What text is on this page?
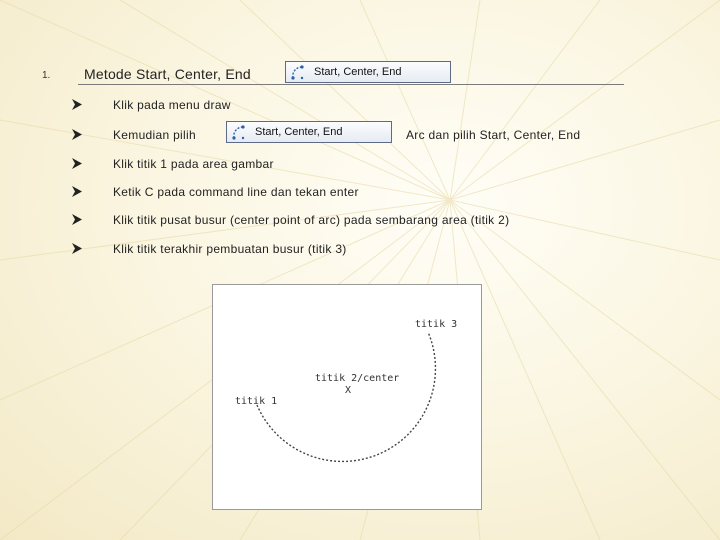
1. Metode Start, Center, End	Start, Center, End
Klik pada menu draw
Kemudian pilih	Start, Center, End	Arc dan pilih Start, Center, End
Klik titik 1 pada area gambar
Ketik C pada command line dan tekan enter
Klik titik pusat busur (center point of arc) pada sembarang area (titik 2)
Klik titik terakhir pembuatan busur (titik 3)
titik 3
titik 2/center
X
titik 1
